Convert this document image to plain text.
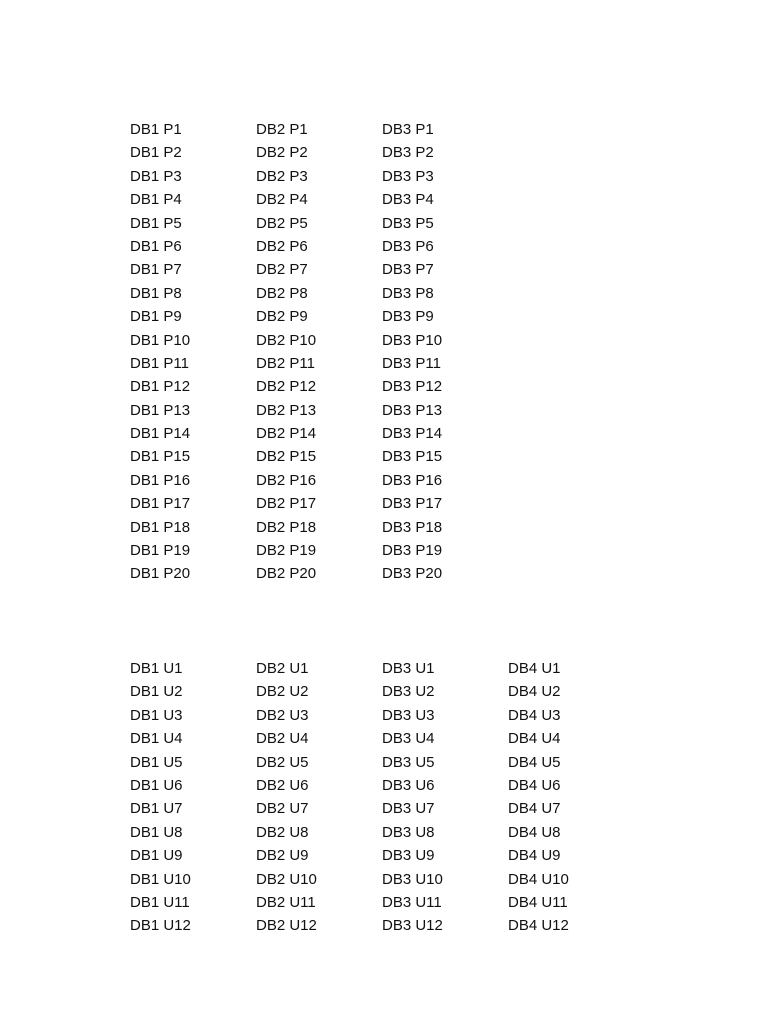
DB1 P1	DB2 P1	DB3 P1
DB1 P2	DB2 P2	DB3 P2
DB1 P3	DB2 P3	DB3 P3
DB1 P4	DB2 P4	DB3 P4
DB1 P5	DB2 P5	DB3 P5
DB1 P6	DB2 P6	DB3 P6
DB1 P7	DB2 P7	DB3 P7
DB1 P8	DB2 P8	DB3 P8
DB1 P9	DB2 P9	DB3 P9
DB1 P10	DB2 P10	DB3 P10
DB1 P11	DB2 P11	DB3 P11
DB1 P12	DB2 P12	DB3 P12
DB1 P13	DB2 P13	DB3 P13
DB1 P14	DB2 P14	DB3 P14
DB1 P15	DB2 P15	DB3 P15
DB1 P16	DB2 P16	DB3 P16
DB1 P17	DB2 P17	DB3 P17
DB1 P18	DB2 P18	DB3 P18
DB1 P19	DB2 P19	DB3 P19
DB1 P20	DB2 P20	DB3 P20
DB1 U1	DB2 U1	DB3 U1	DB4 U1
DB1 U2	DB2 U2	DB3 U2	DB4 U2
DB1 U3	DB2 U3	DB3 U3	DB4 U3
DB1 U4	DB2 U4	DB3 U4	DB4 U4
DB1 U5	DB2 U5	DB3 U5	DB4 U5
DB1 U6	DB2 U6	DB3 U6	DB4 U6
DB1 U7	DB2 U7	DB3 U7	DB4 U7
DB1 U8	DB2 U8	DB3 U8	DB4 U8
DB1 U9	DB2 U9	DB3 U9	DB4 U9
DB1 U10	DB2 U10	DB3 U10	DB4 U10
DB1 U11	DB2 U11	DB3 U11	DB4 U11
DB1 U12	DB2 U12	DB3 U12	DB4 U12
